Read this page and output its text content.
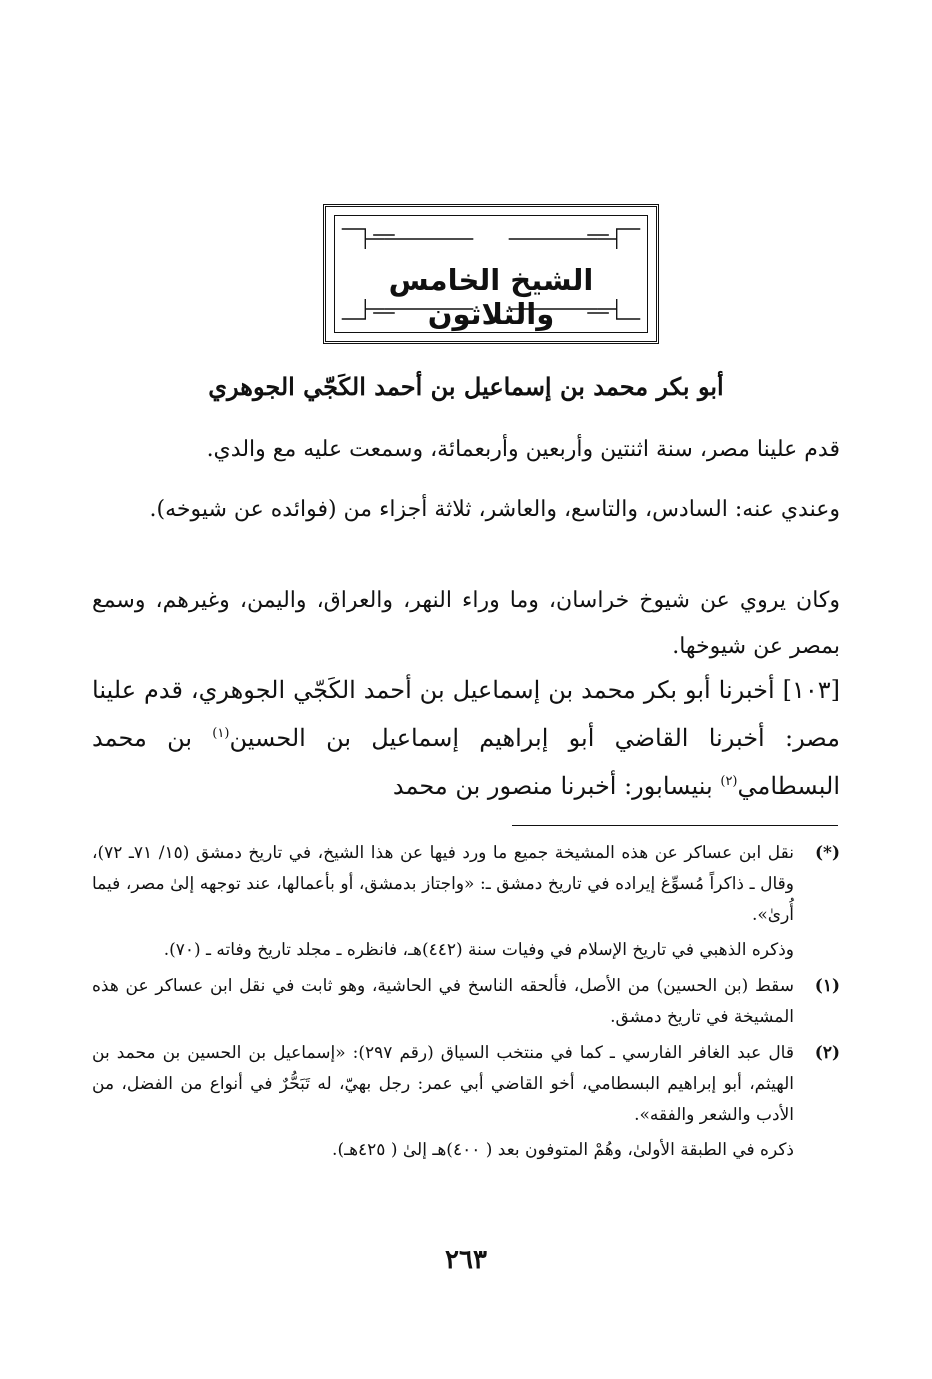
الشيخ الخامس والثلاثون
أبو بكر محمد بن إسماعيل بن أحمد الكَجّي الجوهري
قدم علينا مصر، سنة اثنتين وأربعين وأربعمائة، وسمعت عليه مع والدي.
وعندي عنه: السادس، والتاسع، والعاشر، ثلاثة أجزاء من (فوائده عن شيوخه).
وكان يروي عن شيوخ خراسان، وما وراء النهر، والعراق، واليمن، وغيرهم، وسمع بمصر عن شيوخها.
[١٠٣] أخبرنا أبو بكر محمد بن إسماعيل بن أحمد الكَجّي الجوهري، قدم علينا مصر: أخبرنا القاضي أبو إبراهيم إسماعيل بن الحسين$^{(١)}$ بن محمد البسطامي$^{(٢)}$ بنيسابور: أخبرنا منصور بن محمد
(*)
نقل ابن عساكر عن هذه المشيخة جميع ما ورد فيها عن هذا الشيخ، في تاريخ دمشق (١٥/ ٧١ـ ٧٢)، وقال ـ ذاكراً مُسوِّغ إيراده في تاريخ دمشق ـ: «واجتاز بدمشق، أو بأعمالها، عند توجهه إلىٰ مصر، فيما أُرىٰ».
وذكره الذهبي في تاريخ الإسلام في وفيات سنة (٤٤٢)هـ، فانظره ـ مجلد تاريخ وفاته ـ (٧٠).
(١)
سقط (بن الحسين) من الأصل، فألحقه الناسخ في الحاشية، وهو ثابت في نقل ابن عساكر عن هذه المشيخة في تاريخ دمشق.
(٢)
قال عبد الغافر الفارسي ـ كما في منتخب السياق (رقم ٢٩٧): «إسماعيل بن الحسين بن محمد بن الهيثم، أبو إبراهيم البسطامي، أخو القاضي أبي عمر: رجل بهيّ، له تَبَحُّرٌ في أنواع من الفضل، من الأدب والشعر والفقه».
ذكره في الطبقة الأولىٰ، وهُمْ المتوفون بعد ( ٤٠٠)هـ إلىٰ ( ٤٢٥هـ).
٢٦٣
